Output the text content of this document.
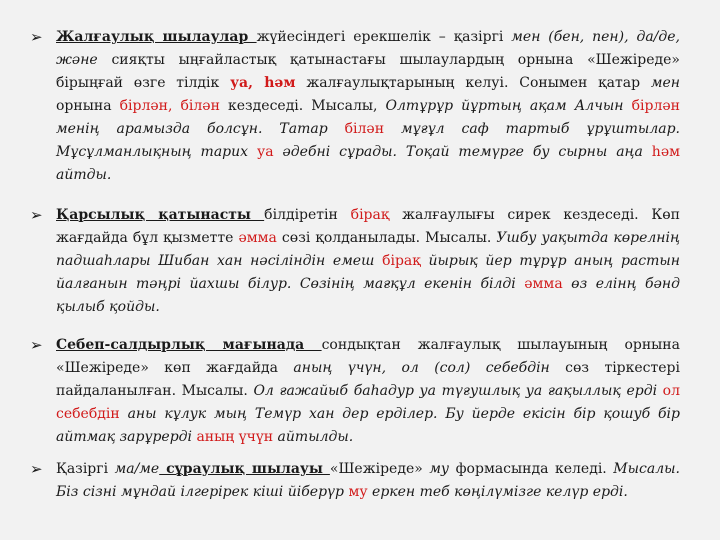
➢ Жалғаулық шылаулар жүйесіндегі ерекшелік – қазіргі мен (бен, пен), да/де, және сияқты ыңғайластық қатынастағы шылаулардың орнына «Шежіреде» бірыңғай өзге тілдік уа, һәм жалғаулықтарының келуі. Сонымен қатар мен орнына бірлән, білән кездеседі. Мысалы, Олтұрұр йұртың ақам Алчын бірлән менің арамызда болсұн. Татар білән мұғұл саф тартыб ұрұштылар. Мұсұлманлықның тарих уа әдебні сұрады. Тоқай темүрге бу сырны аңа һәм айтды.
➢ Қарсылық қатынасты білдіретін бірақ жалғаулығы сирек кездеседі. Көп жағдайда бұл қызметте әмма сөзі қолданылады. Мысалы. Ушбу уақытда көрелнің падшаһлары Шибан хан нәсіліндін емеш бірақ йырық йер тұрұр аның растын йалғанын тәңрі йахшы білур. Сөзінің мағқұл екенін білді әмма өз елінң бәнд қылыб қойды.
➢ Себеп-салдырлық мағынада сондықтан жалғаулық шылауының орнына «Шежіреде» көп жағдайда аның үчүн, ол (сол) себебдін сөз тіркестері пайдаланылған. Мысалы. Ол ғажайыб баһадур уа түғушлық уа ғақыллық ерді ол себебдін аны кұлук мың Темүр хан дер ерділер. Бу йерде екісін бір қошуб бір айтмақ зарұрерді аның үчүн айтылды.
➢ Қазіргі ма/ме сұраулық шылауы «Шежіреде» му формасында келеді. Мысалы. Біз сізні мұндай ілгерірек кіші йіберүр му еркен теб көңілүмізге келүр ерді.
